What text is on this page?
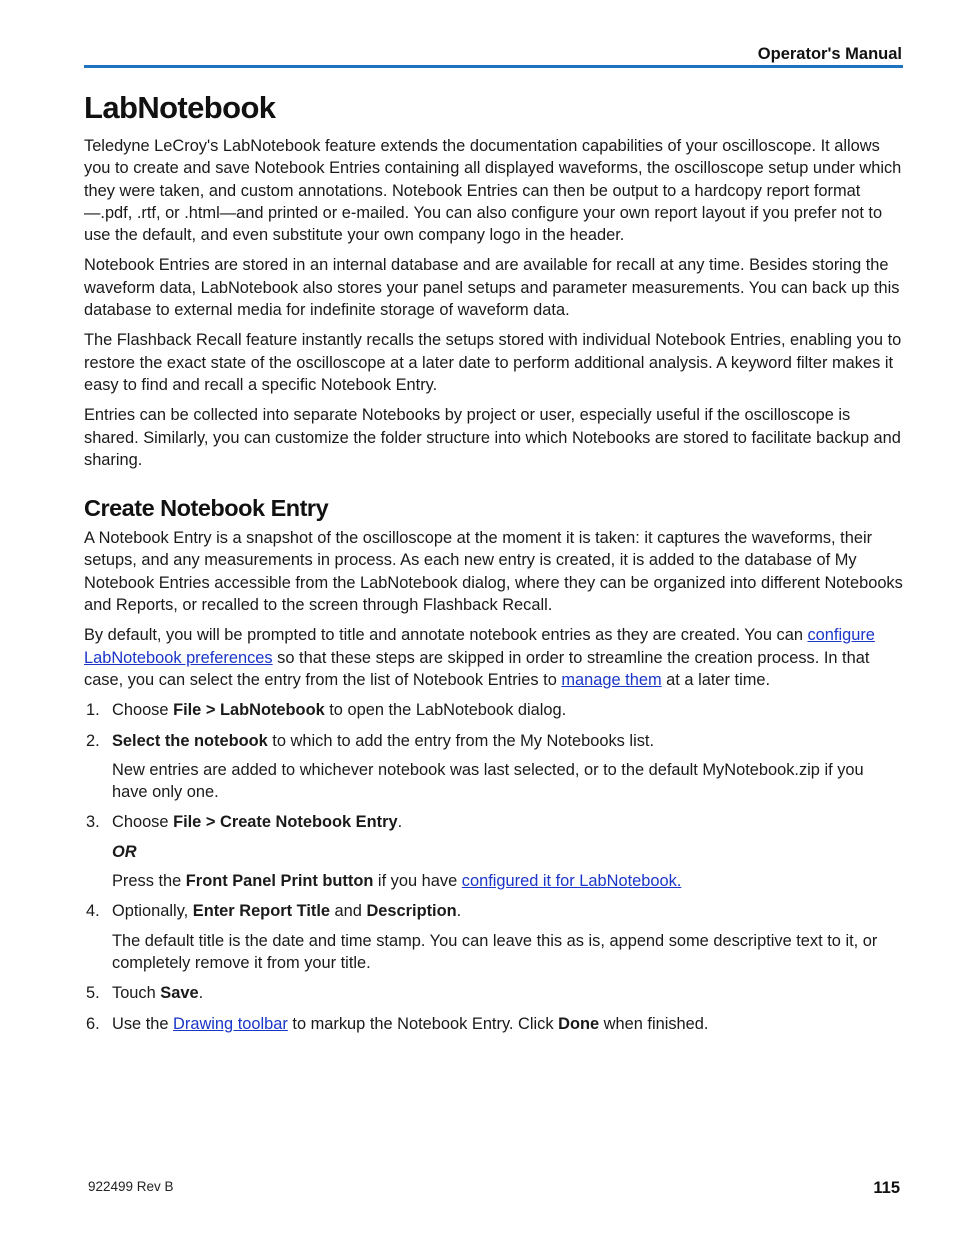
Operator's Manual
LabNotebook

Teledyne LeCroy's LabNotebook feature extends the documentation capabilities of your oscilloscope. It allows you to create and save Notebook Entries containing all displayed waveforms, the oscilloscope setup under which they were taken, and custom annotations. Notebook Entries can then be output to a hardcopy report format—.pdf, .rtf, or .html—and printed or e-mailed. You can also configure your own report layout if you prefer not to use the default, and even substitute your own company logo in the header.

Notebook Entries are stored in an internal database and are available for recall at any time. Besides storing the waveform data, LabNotebook also stores your panel setups and parameter measurements. You can back up this database to external media for indefinite storage of waveform data.

The Flashback Recall feature instantly recalls the setups stored with individual Notebook Entries, enabling you to restore the exact state of the oscilloscope at a later date to perform additional analysis. A keyword filter makes it easy to find and recall a specific Notebook Entry.

Entries can be collected into separate Notebooks by project or user, especially useful if the oscilloscope is shared. Similarly, you can customize the folder structure into which Notebooks are stored to facilitate backup and sharing.

Create Notebook Entry

A Notebook Entry is a snapshot of the oscilloscope at the moment it is taken: it captures the waveforms, their setups, and any measurements in process. As each new entry is created, it is added to the database of My Notebook Entries accessible from the LabNotebook dialog, where they can be organized into different Notebooks and Reports, or recalled to the screen through Flashback Recall.

By default, you will be prompted to title and annotate notebook entries as they are created. You can configure LabNotebook preferences so that these steps are skipped in order to streamline the creation process. In that case, you can select the entry from the list of Notebook Entries to manage them at a later time.

1. Choose File > LabNotebook to open the LabNotebook dialog.

2. Select the notebook to which to add the entry from the My Notebooks list.

New entries are added to whichever notebook was last selected, or to the default MyNotebook.zip if you have only one.

3. Choose File > Create Notebook Entry.

OR

Press the Front Panel Print button if you have configured it for LabNotebook.

4. Optionally, Enter Report Title and Description.

The default title is the date and time stamp. You can leave this as is, append some descriptive text to it, or completely remove it from your title.

5. Touch Save.

6. Use the Drawing toolbar to markup the Notebook Entry. Click Done when finished.

922499 Rev B	115
